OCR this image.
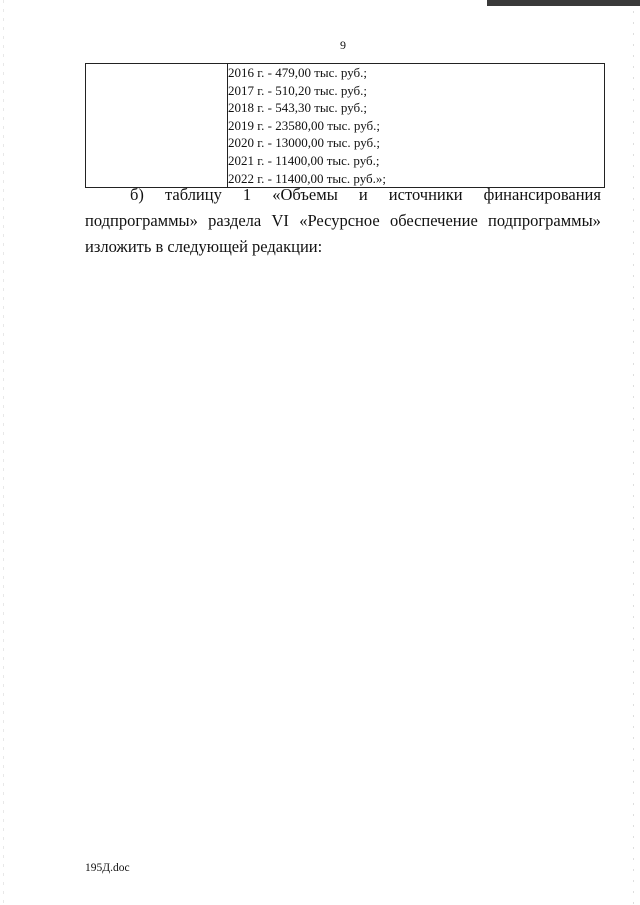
9

2016 г. - 479,00 тыс. руб.;
2017 г. - 510,20 тыс. руб.;
2018 г. - 543,30 тыс. руб.;
2019 г. - 23580,00 тыс. руб.;
2020 г. - 13000,00 тыс. руб.;
2021 г. - 11400,00 тыс. руб.;
2022 г. - 11400,00 тыс. руб.»;
б) таблицу 1 «Объемы и источники финансирования
подпрограммы» раздела VI «Ресурсное обеспечение подпрограммы»
изложить в следующей редакции:
195Д.doc
